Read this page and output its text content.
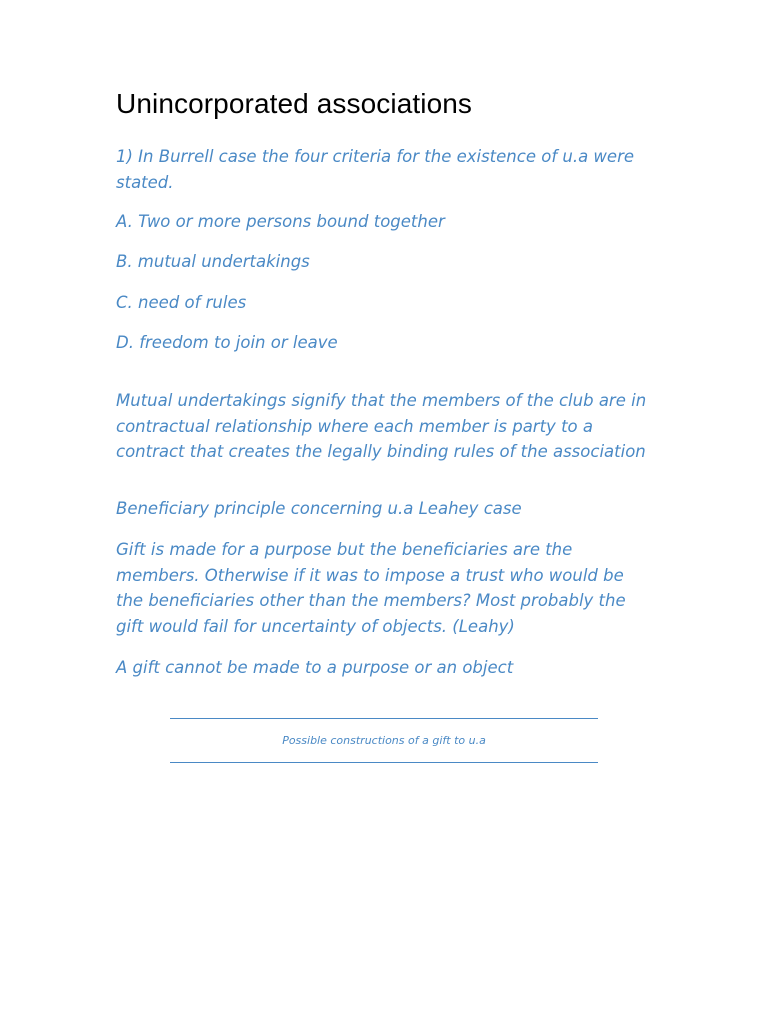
Unincorporated associations
1) In Burrell case the four criteria for the existence of u.a were stated.
A. Two or more persons bound together
B. mutual undertakings
C. need of rules
D. freedom to join or leave
Mutual undertakings signify that the members of the club are in contractual relationship where each member is party to a contract that creates the legally binding rules of the association
Beneficiary principle concerning u.a Leahey case
Gift is made for a purpose but the beneficiaries are the members. Otherwise if it was to impose a trust who would be the beneficiaries other than the members? Most probably the gift would fail for uncertainty of objects. (Leahy)
A gift cannot be made to a purpose or an object
Possible constructions of a gift to u.a
